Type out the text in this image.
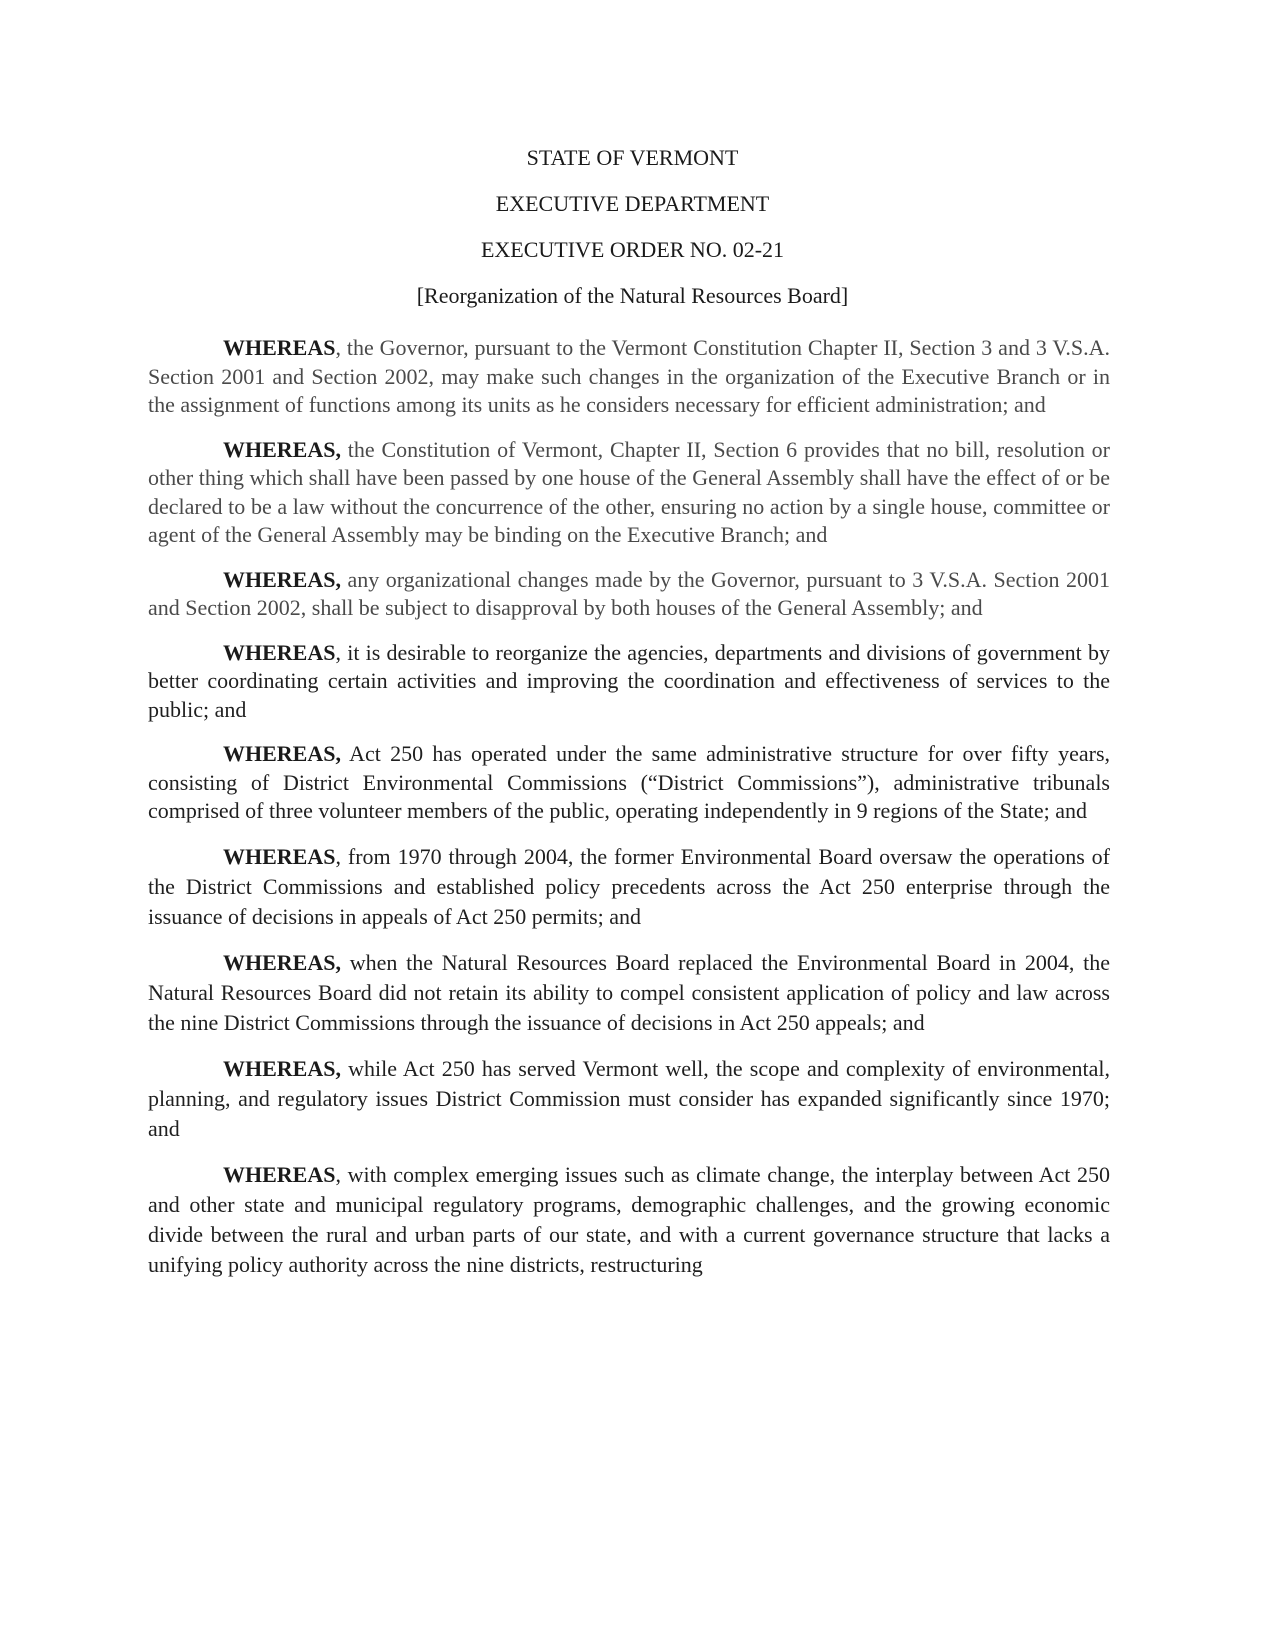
STATE OF VERMONT
EXECUTIVE DEPARTMENT
EXECUTIVE ORDER NO. 02-21
[Reorganization of the Natural Resources Board]

WHEREAS, the Governor, pursuant to the Vermont Constitution Chapter II, Section 3 and 3 V.S.A. Section 2001 and Section 2002, may make such changes in the organization of the Executive Branch or in the assignment of functions among its units as he considers necessary for efficient administration; and

WHEREAS, the Constitution of Vermont, Chapter II, Section 6 provides that no bill, resolution or other thing which shall have been passed by one house of the General Assembly shall have the effect of or be declared to be a law without the concurrence of the other, ensuring no action by a single house, committee or agent of the General Assembly may be binding on the Executive Branch; and

WHEREAS, any organizational changes made by the Governor, pursuant to 3 V.S.A. Section 2001 and Section 2002, shall be subject to disapproval by both houses of the General Assembly; and

WHEREAS, it is desirable to reorganize the agencies, departments and divisions of government by better coordinating certain activities and improving the coordination and effectiveness of services to the public; and

WHEREAS, Act 250 has operated under the same administrative structure for over fifty years, consisting of District Environmental Commissions (“District Commissions”), administrative tribunals comprised of three volunteer members of the public, operating independently in 9 regions of the State; and

WHEREAS, from 1970 through 2004, the former Environmental Board oversaw the operations of the District Commissions and established policy precedents across the Act 250 enterprise through the issuance of decisions in appeals of Act 250 permits; and

WHEREAS, when the Natural Resources Board replaced the Environmental Board in 2004, the Natural Resources Board did not retain its ability to compel consistent application of policy and law across the nine District Commissions through the issuance of decisions in Act 250 appeals; and

WHEREAS, while Act 250 has served Vermont well, the scope and complexity of environmental, planning, and regulatory issues District Commission must consider has expanded significantly since 1970; and

WHEREAS, with complex emerging issues such as climate change, the interplay between Act 250 and other state and municipal regulatory programs, demographic challenges, and the growing economic divide between the rural and urban parts of our state, and with a current governance structure that lacks a unifying policy authority across the nine districts, restructuring
